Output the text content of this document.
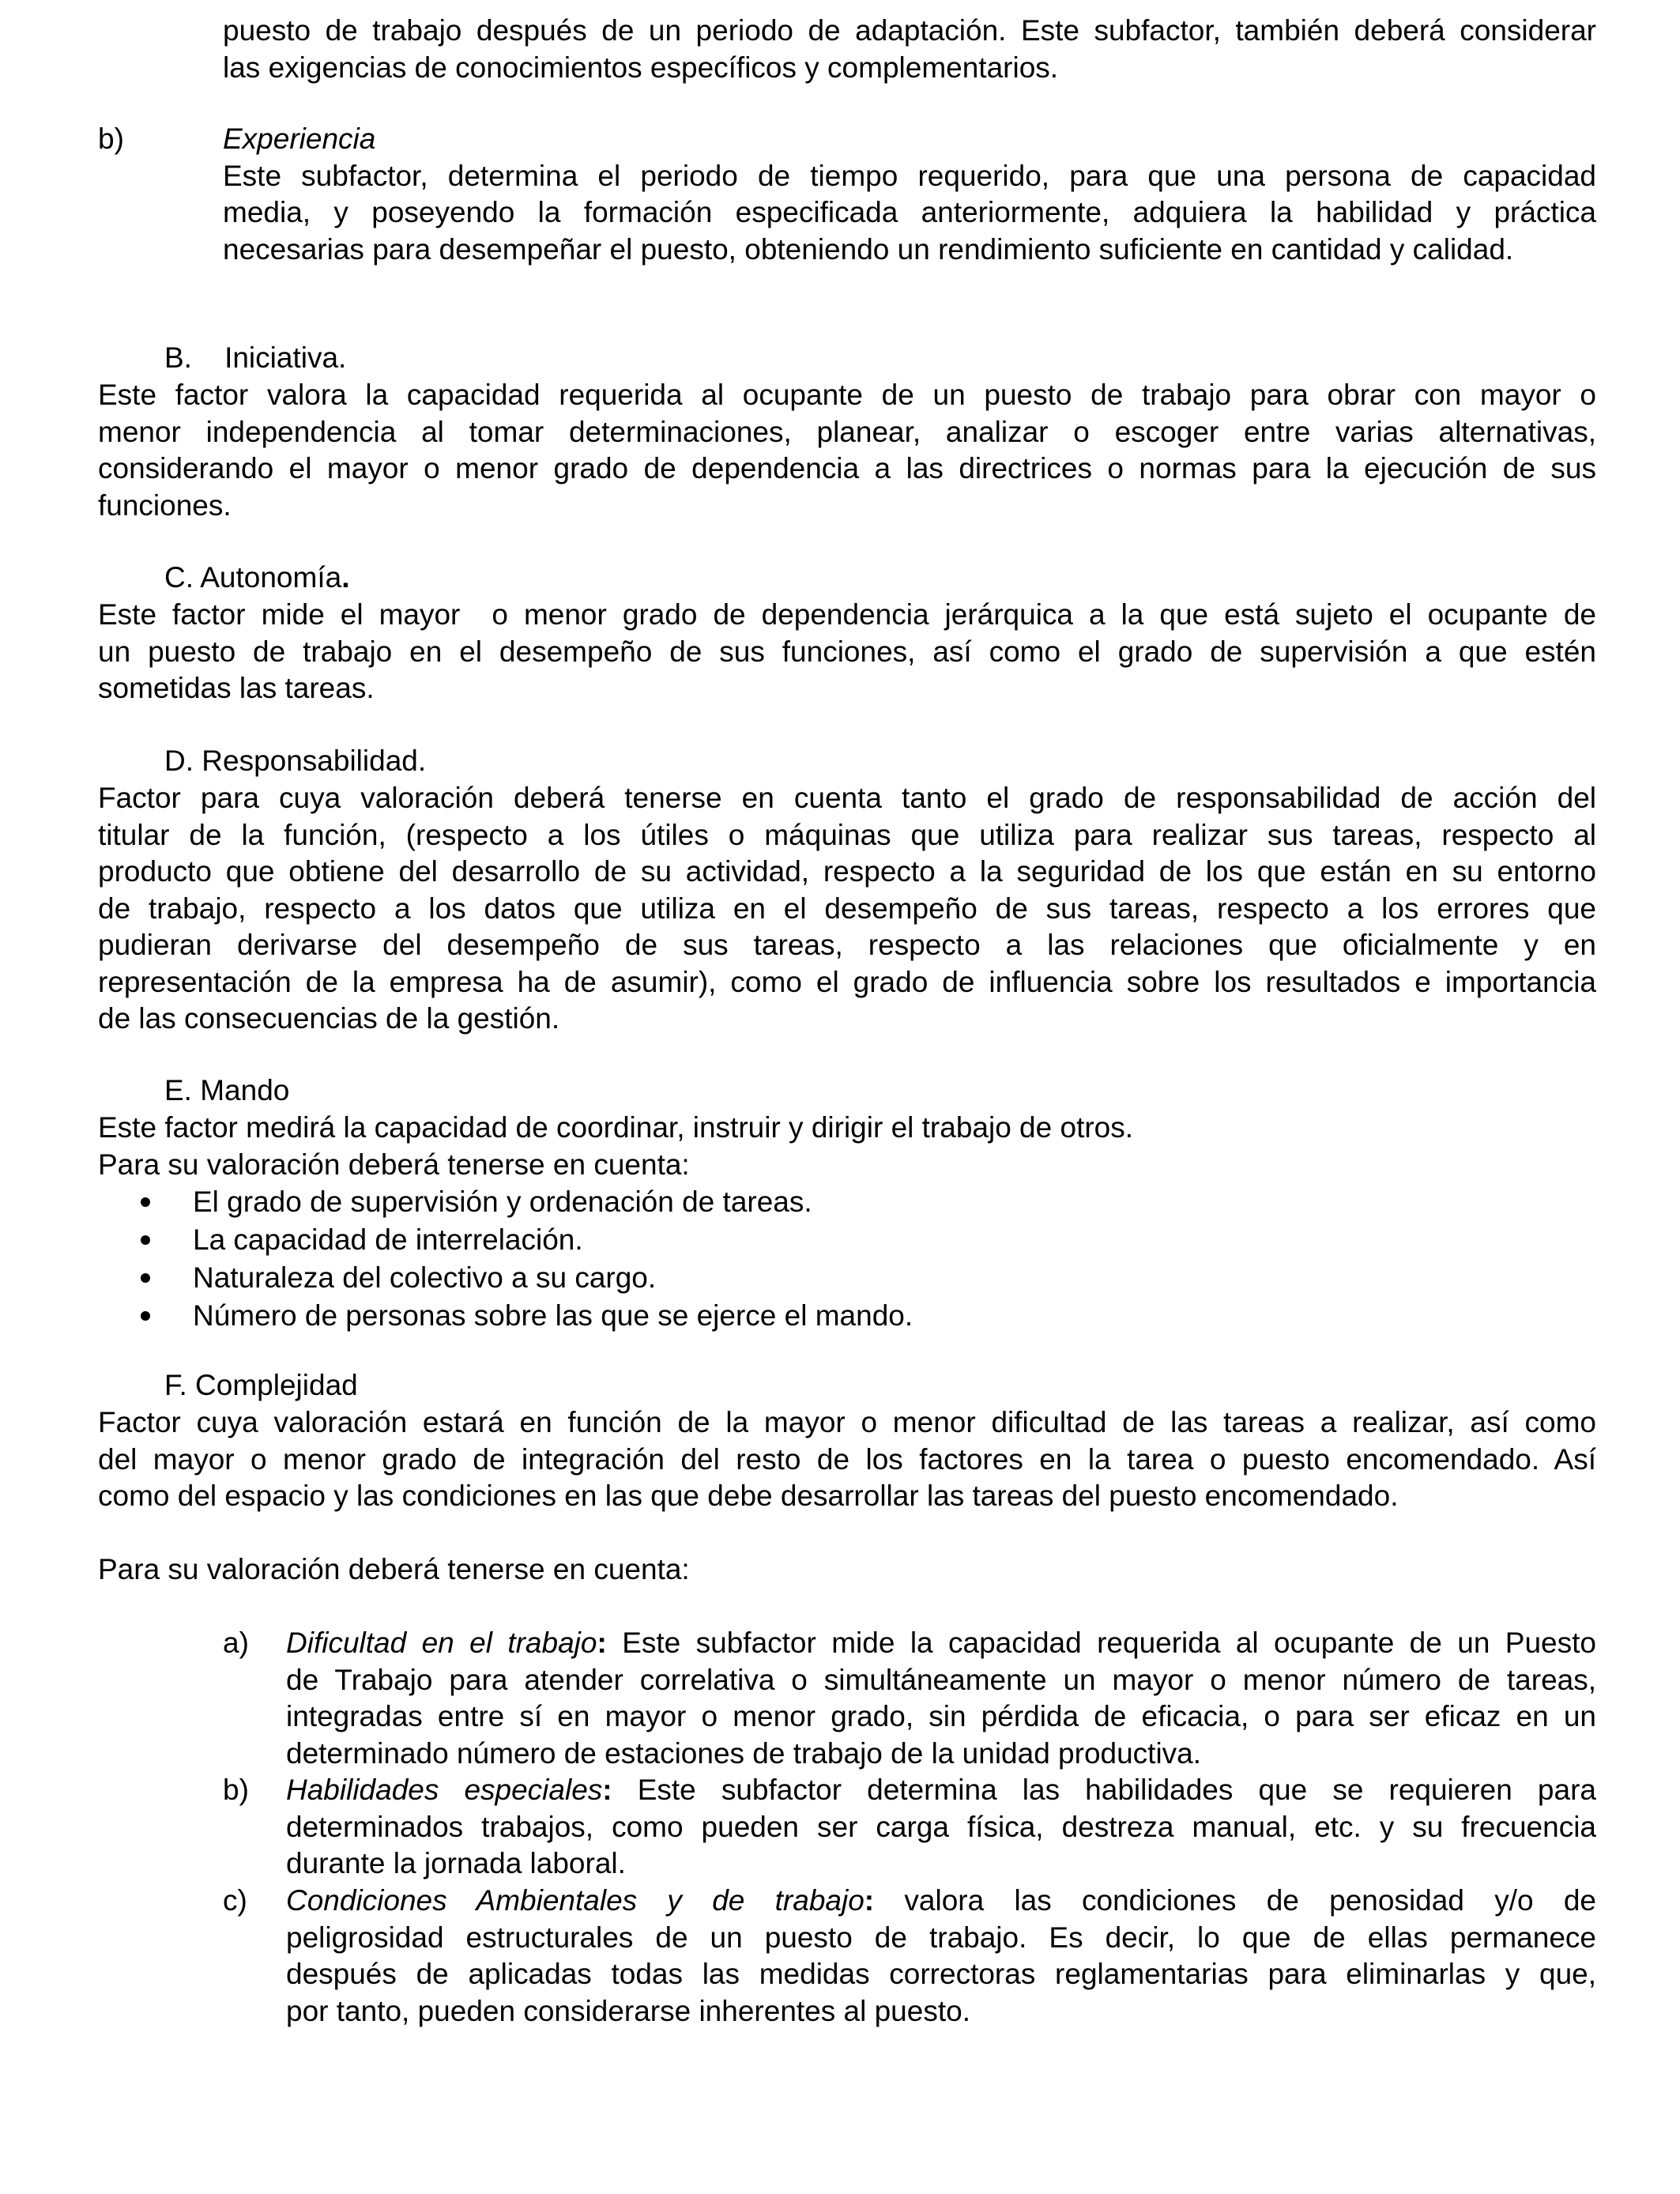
puesto de trabajo después de un periodo de adaptación. Este subfactor, también deberá considerar
las exigencias de conocimientos específicos y complementarios.
b)	Experiencia
Este subfactor, determina el periodo de tiempo requerido, para que una persona de capacidad
media, y poseyendo la formación especificada anteriormente, adquiera la habilidad y práctica
necesarias para desempeñar el puesto, obteniendo un rendimiento suficiente en cantidad y calidad.
B.    Iniciativa.
Este factor valora la capacidad requerida al ocupante de un puesto de trabajo para obrar con mayor o
menor independencia al tomar determinaciones, planear, analizar o escoger entre varias alternativas,
considerando el mayor o menor grado de dependencia a las directrices o normas para la ejecución de sus
funciones.
C. Autonomía.
Este factor mide el mayor  o menor grado de dependencia jerárquica a la que está sujeto el ocupante de
un puesto de trabajo en el desempeño de sus funciones, así como el grado de supervisión a que estén
sometidas las tareas.
D. Responsabilidad.
Factor para cuya valoración deberá tenerse en cuenta tanto el grado de responsabilidad de acción del
titular de la función, (respecto a los útiles o máquinas que utiliza para realizar sus tareas, respecto al
producto que obtiene del desarrollo de su actividad, respecto a la seguridad de los que están en su entorno
de trabajo, respecto a los datos que utiliza en el desempeño de sus tareas, respecto a los errores que
pudieran derivarse del desempeño de sus tareas, respecto a las relaciones que oficialmente y en
representación de la empresa ha de asumir), como el grado de influencia sobre los resultados e importancia
de las consecuencias de la gestión.
E. Mando
Este factor medirá la capacidad de coordinar, instruir y dirigir el trabajo de otros.
Para su valoración deberá tenerse en cuenta:
El grado de supervisión y ordenación de tareas.
La capacidad de interrelación.
Naturaleza del colectivo a su cargo.
Número de personas sobre las que se ejerce el mando.
F. Complejidad
Factor cuya valoración estará en función de la mayor o menor dificultad de las tareas a realizar, así como
del mayor o menor grado de integración del resto de los factores en la tarea o puesto encomendado. Así
como del espacio y las condiciones en las que debe desarrollar las tareas del puesto encomendado.
Para su valoración deberá tenerse en cuenta:
a) Dificultad en el trabajo: Este subfactor mide la capacidad requerida al ocupante de un Puesto
de Trabajo para atender correlativa o simultáneamente un mayor o menor número de tareas,
integradas entre sí en mayor o menor grado, sin pérdida de eficacia, o para ser eficaz en un
determinado número de estaciones de trabajo de la unidad productiva.
b) Habilidades especiales: Este subfactor determina las habilidades que se requieren para
determinados trabajos, como pueden ser carga física, destreza manual, etc. y su frecuencia
durante la jornada laboral.
c) Condiciones Ambientales y de trabajo: valora las condiciones de penosidad y/o de
peligrosidad estructurales de un puesto de trabajo. Es decir, lo que de ellas permanece
después de aplicadas todas las medidas correctoras reglamentarias para eliminarlas y que,
por tanto, pueden considerarse inherentes al puesto.
